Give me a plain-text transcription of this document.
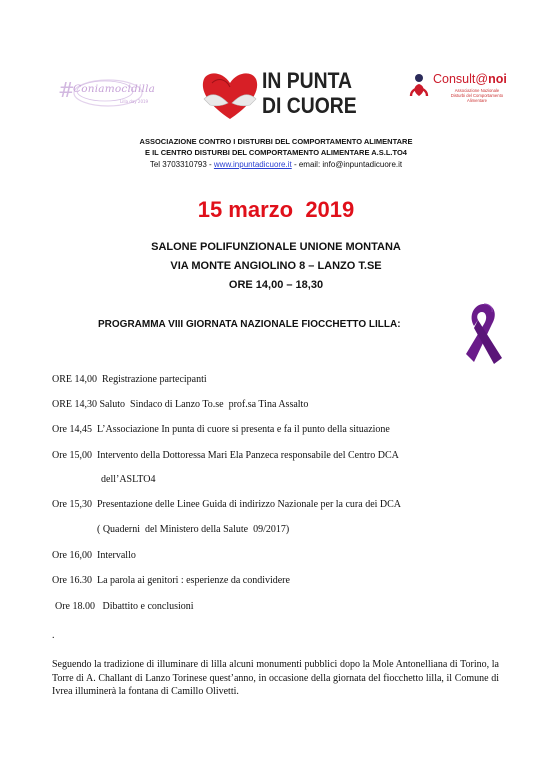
#
Coniamocidilla
Lilla day 2019
IN PUNTA
DI CUORE
Consult@noi
Associazione Nazionale
Disturbi del Comportamento Alimentare
ASSOCIAZIONE CONTRO I DISTURBI DEL COMPORTAMENTO ALIMENTARE
E IL CENTRO DISTURBI DEL COMPORTAMENTO ALIMENTARE A.S.L.TO4
Tel 3703310793 - www.inpuntadicuore.it - email: info@inpuntadicuore.it
15 marzo  2019
SALONE POLIFUNZIONALE UNIONE MONTANA
VIA MONTE ANGIOLINO 8 – LANZO T.SE
ORE 14,00 – 18,30
PROGRAMMA VIII GIORNATA NAZIONALE FIOCCHETTO LILLA:
ORE 14,00  Registrazione partecipanti
ORE 14,30 Saluto  Sindaco di Lanzo To.se  prof.sa Tina Assalto
Ore 14,45  L’Associazione In punta di cuore si presenta e fa il punto della situazione
Ore 15,00  Intervento della Dottoressa Mari Ela Panzeca responsabile del Centro DCA
dell’ASLTO4
Ore 15,30  Presentazione delle Linee Guida di indirizzo Nazionale per la cura dei DCA
( Quaderni  del Ministero della Salute  09/2017)
Ore 16,00  Intervallo
Ore 16.30  La parola ai genitori : esperienze da condividere
Ore 18.00   Dibattito e conclusioni
.
Seguendo la tradizione di illuminare di lilla alcuni monumenti pubblici dopo la Mole Antonelliana di Torino, la Torre di A. Challant di Lanzo Torinese quest’anno, in occasione della giornata del fiocchetto lilla, il Comune di Ivrea illuminerà la fontana di Camillo Olivetti.
